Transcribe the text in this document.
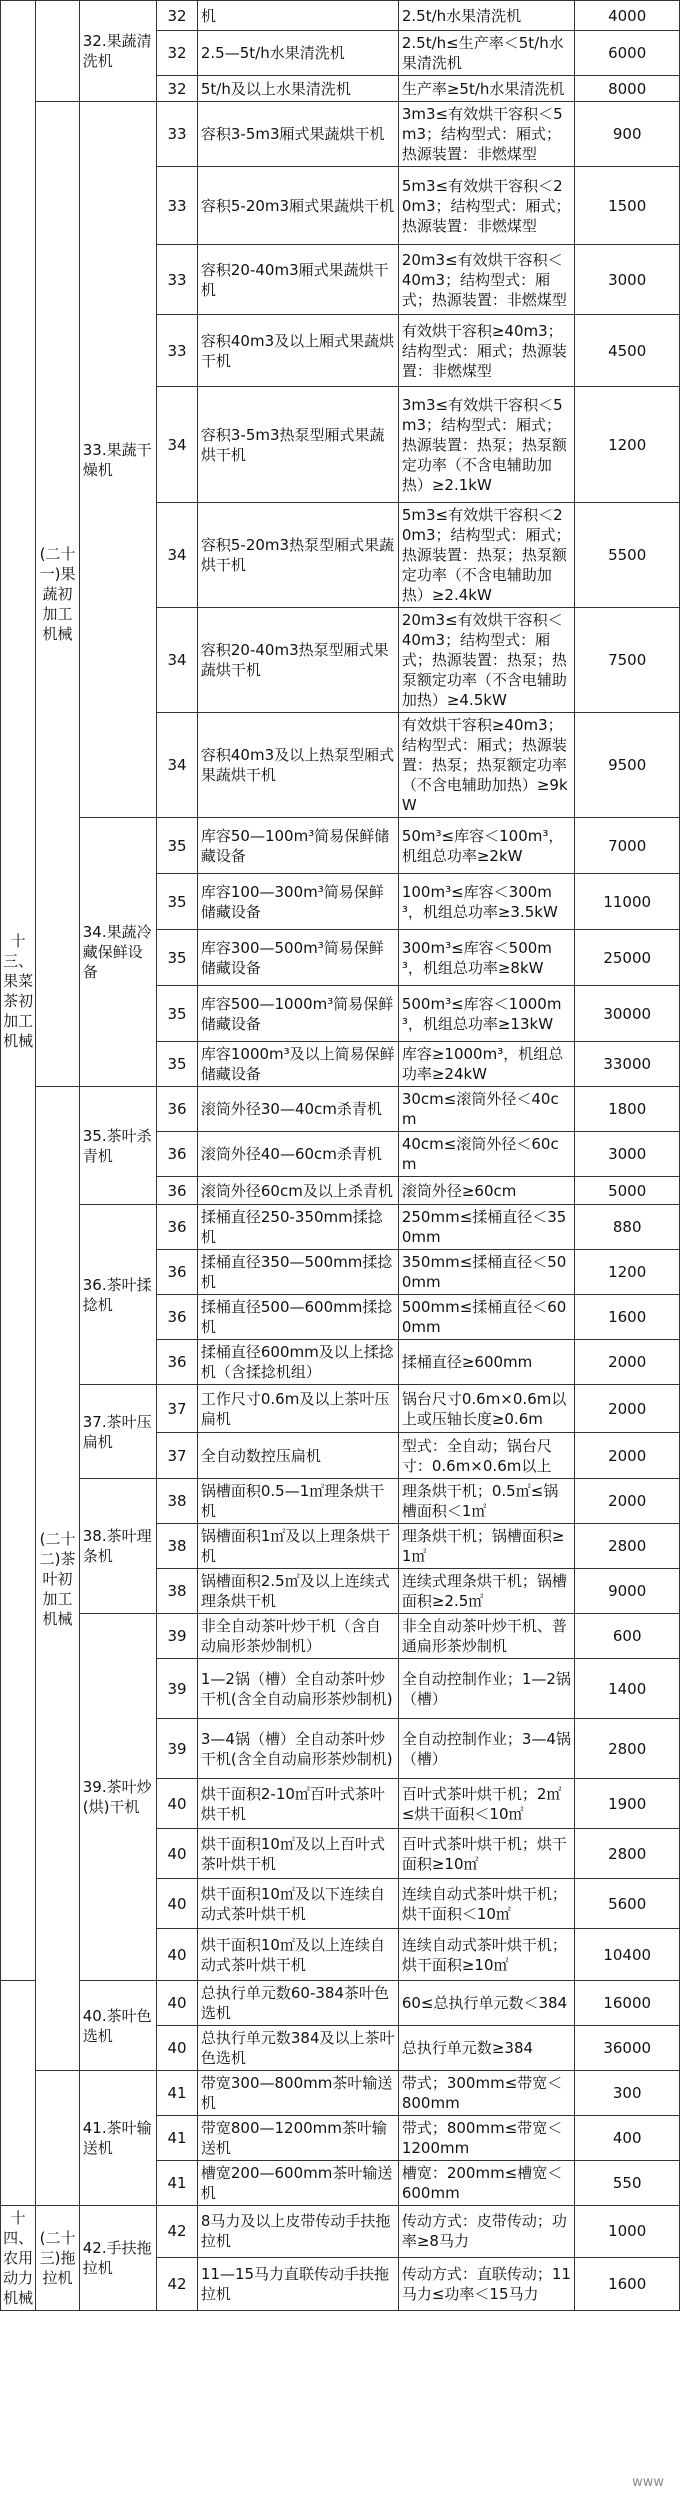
十三、果菜茶初加工机械		32.果蔬清洗机	32	机	2.5t/h水果清洗机	4000
			32	2.5—5t/h水果清洗机	2.5t/h≤生产率＜5t/h水果清洗机	6000
			32	5t/h及以上水果清洗机	生产率≥5t/h水果清洗机	8000
	(二十一)果蔬初加工机械	33.果蔬干燥机	33	容积3-5m3厢式果蔬烘干机	3m3≤有效烘干容积＜5m3；结构型式：厢式；热源装置：非燃煤型	900
			33	容积5-20m3厢式果蔬烘干机	5m3≤有效烘干容积＜20m3；结构型式：厢式；热源装置：非燃煤型	1500
			33	容积20-40m3厢式果蔬烘干机	20m3≤有效烘干容积＜40m3；结构型式：厢式；热源装置：非燃煤型	3000
			33	容积40m3及以上厢式果蔬烘干机	有效烘干容积≥40m3；结构型式：厢式；热源装置：非燃煤型	4500
			34	容积3-5m3热泵型厢式果蔬烘干机	3m3≤有效烘干容积＜5m3；结构型式：厢式；热源装置：热泵；热泵额定功率（不含电辅助加热）≥2.1kW	1200
			34	容积5-20m3热泵型厢式果蔬烘干机	5m3≤有效烘干容积＜20m3；结构型式：厢式；热源装置：热泵；热泵额定功率（不含电辅助加热）≥2.4kW	5500
			34	容积20-40m3热泵型厢式果蔬烘干机	20m3≤有效烘干容积＜40m3；结构型式：厢式；热源装置：热泵；热泵额定功率（不含电辅助加热）≥4.5kW	7500
			34	容积40m3及以上热泵型厢式果蔬烘干机	有效烘干容积≥40m3；结构型式：厢式；热源装置：热泵；热泵额定功率（不含电辅助加热）≥9kW	9500
		34.果蔬冷藏保鲜设备	35	库容50—100m³简易保鲜储藏设备	50m³≤库容＜100m³，机组总功率≥2kW	7000
			35	库容100—300m³简易保鲜储藏设备	100m³≤库容＜300m³，机组总功率≥3.5kW	11000
			35	库容300—500m³简易保鲜储藏设备	300m³≤库容＜500m³，机组总功率≥8kW	25000
			35	库容500—1000m³简易保鲜储藏设备	500m³≤库容＜1000m³，机组总功率≥13kW	30000
			35	库容1000m³及以上简易保鲜储藏设备	库容≥1000m³，机组总功率≥24kW	33000
	(二十二)茶叶初加工机械	35.茶叶杀青机	36	滚筒外径30—40cm杀青机	30cm≤滚筒外径＜40cm	1800
			36	滚筒外径40—60cm杀青机	40cm≤滚筒外径＜60cm	3000
			36	滚筒外径60cm及以上杀青机	滚筒外径≥60cm	5000
		36.茶叶揉捻机	36	揉桶直径250-350mm揉捻机	250mm≤揉桶直径＜350mm	880
			36	揉桶直径350—500mm揉捻机	350mm≤揉桶直径＜500mm	1200
			36	揉桶直径500—600mm揉捻机	500mm≤揉桶直径＜600mm	1600
			36	揉桶直径600mm及以上揉捻机（含揉捻机组）	揉桶直径≥600mm	2000
		37.茶叶压扁机	37	工作尺寸0.6m及以上茶叶压扁机	锅台尺寸0.6m×0.6m以上或压轴长度≥0.6m	2000
			37	全自动数控压扁机	型式：全自动；锅台尺寸：0.6m×0.6m以上	2000
		38.茶叶理条机	38	锅槽面积0.5—1㎡理条烘干机	理条烘干机；0.5㎡≤锅槽面积＜1㎡	2000
			38	锅槽面积1㎡及以上理条烘干机	理条烘干机；锅槽面积≥1㎡	2800
			38	锅槽面积2.5㎡及以上连续式理条烘干机	连续式理条烘干机；锅槽面积≥2.5㎡	9000
		39.茶叶炒(烘)干机	39	非全自动茶叶炒干机（含自动扁形茶炒制机）	非全自动茶叶炒干机、普通扁形茶炒制机	600
			39	1—2锅（槽）全自动茶叶炒干机(含全自动扁形茶炒制机)	全自动控制作业；1—2锅（槽）	1400
			39	3—4锅（槽）全自动茶叶炒干机(含全自动扁形茶炒制机)	全自动控制作业；3—4锅（槽）	2800
			40	烘干面积2-10㎡百叶式茶叶烘干机	百叶式茶叶烘干机；2㎡≤烘干面积＜10㎡	1900
			40	烘干面积10㎡及以上百叶式茶叶烘干机	百叶式茶叶烘干机；烘干面积≥10㎡	2800
			40	烘干面积10㎡及以下连续自动式茶叶烘干机	连续自动式茶叶烘干机；烘干面积＜10㎡	5600
			40	烘干面积10㎡及以上连续自动式茶叶烘干机	连续自动式茶叶烘干机；烘干面积≥10㎡	10400
		40.茶叶色选机	40	总执行单元数60-384茶叶色选机	60≤总执行单元数＜384	16000
			40	总执行单元数384及以上茶叶色选机	总执行单元数≥384	36000
		41.茶叶输送机	41	带宽300—800mm茶叶输送机	带式；300mm≤带宽＜800mm	300
			41	带宽800—1200mm茶叶输送机	带式；800mm≤带宽＜1200mm	400
			41	槽宽200—600mm茶叶输送机	槽宽：200mm≤槽宽＜600mm	550
十四、农用动力机械	(二十三)拖拉机	42.手扶拖拉机	42	8马力及以上皮带传动手扶拖拉机	传动方式：皮带传动；功率≥8马力	1000
			42	11—15马力直联传动手扶拖拉机	传动方式：直联传动；11马力≤功率＜15马力	1600
www
